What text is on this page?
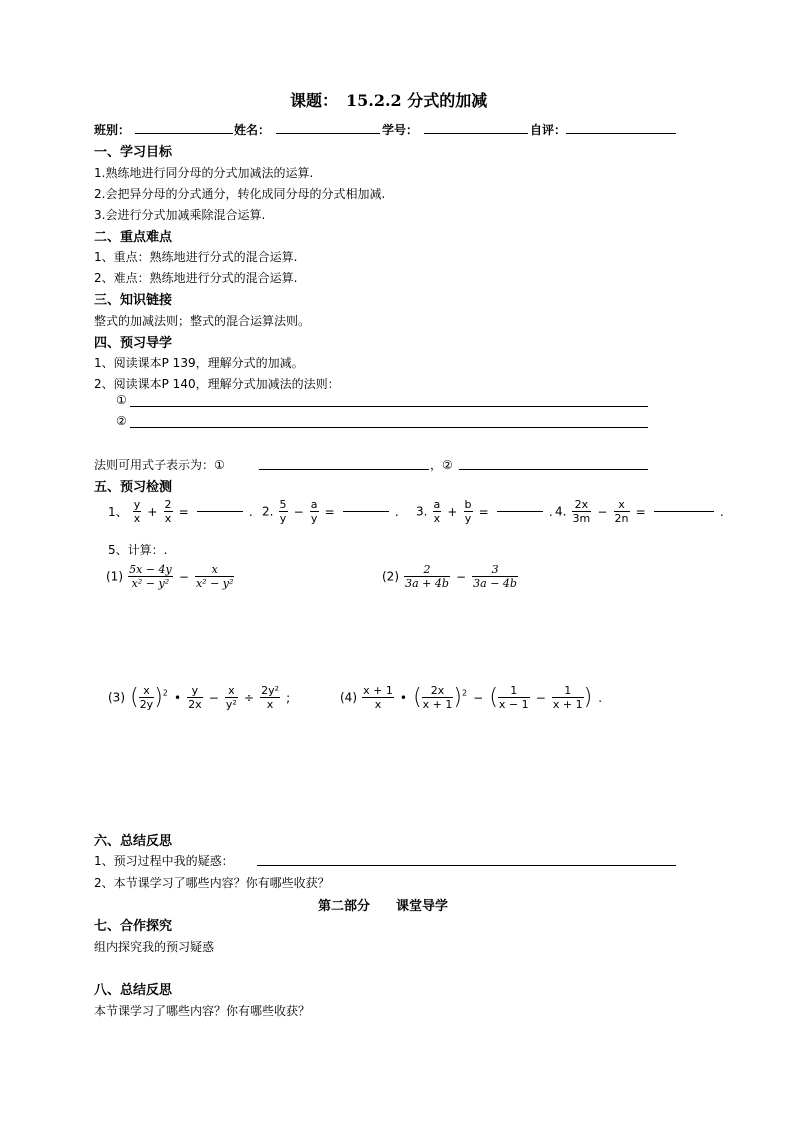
课题：　15.2.2 分式的加减
班别：	姓名：	学号：	自评：
一、学习目标
1.熟练地进行同分母的分式加减法的运算.
2.会把异分母的分式通分，转化成同分母的分式相加减.
3.会进行分式加减乘除混合运算.
二、重点难点
1、重点：熟练地进行分式的混合运算.
2、难点：熟练地进行分式的混合运算.
三、知识链接
整式的加减法则；整式的混合运算法则。
四、预习导学
1、阅读课本P 139，理解分式的加减。
2、阅读课本P 140，理解分式加减法的法则：
①
②
法则可用式子表示为：①	，②
五、预习检测
1、 $\frac{y}{x} + \frac{2}{x}$ =	. 2. $\frac{5}{y} - \frac{a}{y}$ =	. 3. $\frac{a}{x} + \frac{b}{y}$ =	. 4. $\frac{2x}{3m} - \frac{x}{2n}$ =	.
5、计算：.
$(1) \frac{5x - 4y}{\text{x² − y²}} - \frac{x}{\text{x² − y²}}$	$(2) \frac{2}{3a + 4b} - \frac{3}{3a - 4b}$
(3) ( $\frac{x}{2y} )^2$ • $\frac{y}{2x} - \frac{x}{\text{y²}} \div \frac{\text{2y²}}{x}$ ;	$(4) \frac{x + 1}{x}$ • ( $\frac{2x}{x + 1} )^2$ − ( $\frac{1}{x - 1} - \frac{1}{x + 1}$ ) .
六、总结反思
1、预习过程中我的疑惑：
2、本节课学习了哪些内容？你有哪些收获？
第二部分　　课堂导学
七、合作探究
组内探究我的预习疑惑
八、总结反思
本节课学习了哪些内容？你有哪些收获？
